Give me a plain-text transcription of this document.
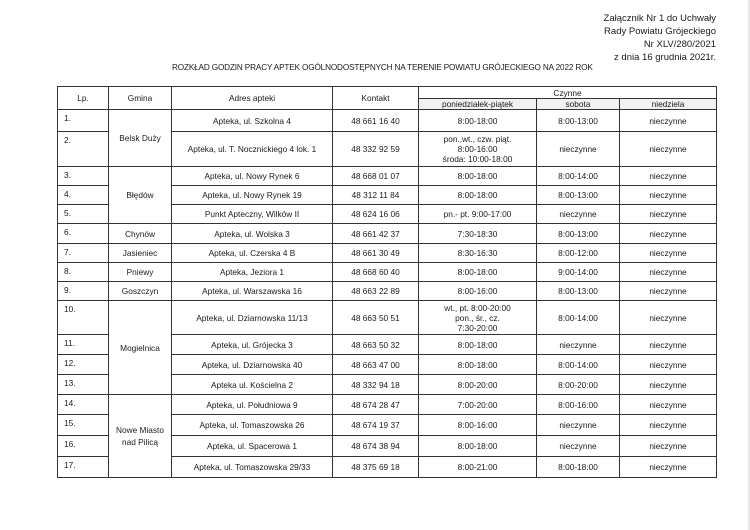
Załącznik Nr 1 do Uchwały
Rady Powiatu Grójeckiego
Nr XLV/280/2021
z dnia 16 grudnia 2021r.
ROZKŁAD GODZIN PRACY APTEK OGÓLNODOSTĘPNYCH NA TERENIE POWIATU GRÓJECKIEGO NA 2022 ROK
Lp.	Gmina	Adres apteki	Kontakt	Czynne		
				poniedziałek-piątek	sobota	niedziela
1.	Belsk Duży	Apteka, ul. Szkolna 4	48 661 16 40	8:00-18:00	8:00-13:00	nieczynne
2.		Apteka, ul. T. Nocznickiego 4 lok. 1	48 332 92 59	pon.,wt., czw. piąt.
8:00-16:00
środa: 10:00-18:00	nieczynne	nieczynne
3.	Błędów	Apteka, ul. Nowy Rynek 6	48 668 01 07	8:00-18:00	8:00-14:00	nieczynne
4.		Apteka, ul. Nowy Rynek 19	48 312 11 84	8:00-18:00	8:00-13:00	nieczynne
5.		Punkt Apteczny, Wilków II	48 624 16 06	pn.- pt. 9:00-17:00	nieczynne	nieczynne
6.	Chynów	Apteka, ul. Wolska 3	48 661 42 37	7:30-18:30	8:00-13:00	nieczynne
7.	Jasieniec	Apteka, ul. Czerska 4 B	48 661 30 49	8:30-16:30	8:00-12:00	nieczynne
8.	Pniewy	Apteka, Jeziora 1	48 668 60 40	8:00-18:00	9:00-14:00	nieczynne
9.	Goszczyn	Apteka, ul. Warszawska 16	48 663 22 89	8:00-16:00	8:00-13:00	nieczynne
10.	Mogielnica	Apteka, ul. Dziarnowska 11/13	48 663 50 51	wt., pt. 8:00-20:00
pon., śr., cz.
7:30-20:00	8:00-14:00	nieczynne
11.		Apteka, ul. Grójecka 3	48 663 50 32	8:00-18:00	nieczynne	nieczynne
12.		Apteka, ul. Dziarnowska 40	48 663 47 00	8:00-18:00	8:00-14:00	nieczynne
13.		Apteka ul. Kościelna 2	48 332 94 18	8:00-20:00	8:00-20:00	nieczynne
14.	Nowe Miasto nad Pilicą	Apteka, ul. Południowa 9	48 674 28 47	7:00-20:00	8:00-16:00	nieczynne
15.		Apteka, ul. Tomaszowska 26	48 674 19 37	8:00-16:00	nieczynne	nieczynne
16.		Apteka, ul. Spacerowa 1	48 674 38 94	8:00-18:00	nieczynne	nieczynne
17.		Apteka, ul. Tomaszowska 29/33	48 375 69 18	8:00-21:00	8:00-18:00	nieczynne
